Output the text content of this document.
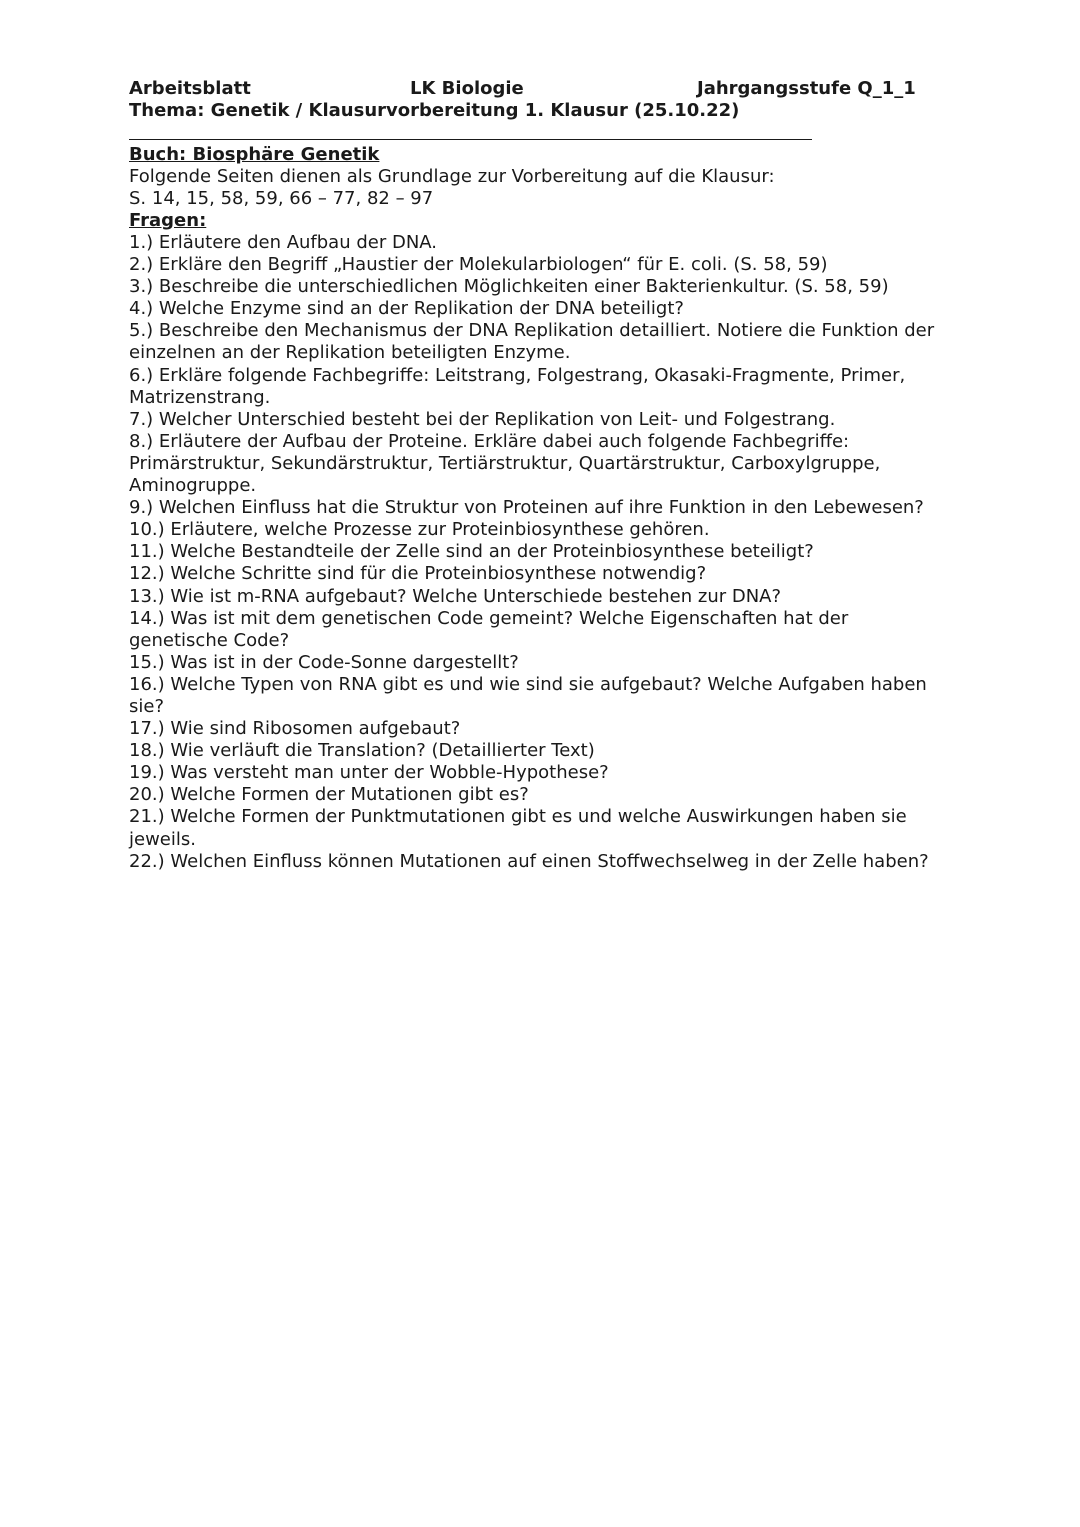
Arbeitsblatt	LK Biologie	Jahrgangsstufe Q_1_1
Thema: Genetik / Klausurvorbereitung 1. Klausur (25.10.22)
Buch: Biosphäre Genetik
Folgende Seiten dienen als Grundlage zur Vorbereitung auf die Klausur:
S. 14, 15, 58, 59, 66 – 77, 82 – 97
Fragen:
1.) Erläutere den Aufbau der DNA.
2.) Erkläre den Begriff „Haustier der Molekularbiologen“ für E. coli. (S. 58, 59)
3.) Beschreibe die unterschiedlichen Möglichkeiten einer Bakterienkultur. (S. 58, 59)
4.) Welche Enzyme sind an der Replikation der DNA beteiligt?
5.) Beschreibe den Mechanismus der DNA Replikation detailliert. Notiere die Funktion der
einzelnen an der Replikation beteiligten Enzyme.
6.) Erkläre folgende Fachbegriffe: Leitstrang, Folgestrang, Okasaki-Fragmente, Primer,
Matrizenstrang.
7.) Welcher Unterschied besteht bei der Replikation von Leit- und Folgestrang.
8.) Erläutere der Aufbau der Proteine. Erkläre dabei auch folgende Fachbegriffe:
Primärstruktur, Sekundärstruktur, Tertiärstruktur, Quartärstruktur, Carboxylgruppe,
Aminogruppe.
9.) Welchen Einfluss hat die Struktur von Proteinen auf ihre Funktion in den Lebewesen?
10.) Erläutere, welche Prozesse zur Proteinbiosynthese gehören.
11.) Welche Bestandteile der Zelle sind an der Proteinbiosynthese beteiligt?
12.) Welche Schritte sind für die Proteinbiosynthese notwendig?
13.) Wie ist m-RNA aufgebaut? Welche Unterschiede bestehen zur DNA?
14.) Was ist mit dem genetischen Code gemeint? Welche Eigenschaften hat der
genetische Code?
15.) Was ist in der Code-Sonne dargestellt?
16.) Welche Typen von RNA gibt es und wie sind sie aufgebaut? Welche Aufgaben haben
sie?
17.) Wie sind Ribosomen aufgebaut?
18.) Wie verläuft die Translation? (Detaillierter Text)
19.) Was versteht man unter der Wobble-Hypothese?
20.) Welche Formen der Mutationen gibt es?
21.) Welche Formen der Punktmutationen gibt es und welche Auswirkungen haben sie
jeweils.
22.) Welchen Einfluss können Mutationen auf einen Stoffwechselweg in der Zelle haben?
